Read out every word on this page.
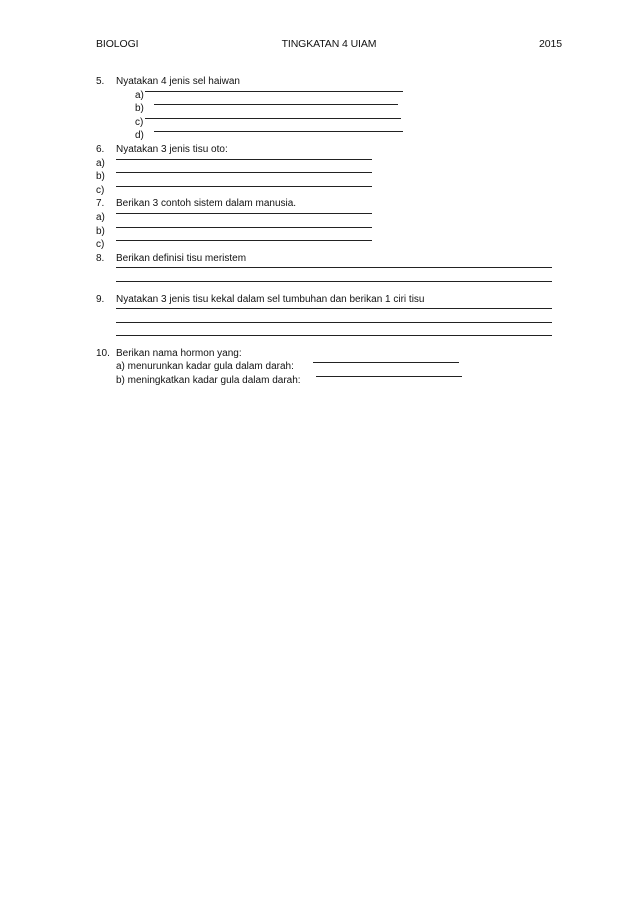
BIOLOGI	TINGKATAN 4 UIAM	2015
5. Nyatakan 4 jenis sel haiwan
a)
b)
c)
d)
6. Nyatakan 3 jenis tisu oto:
a)
b)
c)
7. Berikan 3 contoh sistem dalam manusia.
a)
b)
c)
8. Berikan definisi tisu meristem
9. Nyatakan 3 jenis tisu kekal dalam sel tumbuhan dan berikan 1 ciri tisu
10. Berikan nama hormon yang:
a) menurunkan kadar gula dalam darah:
b) meningkatkan kadar gula dalam darah:
